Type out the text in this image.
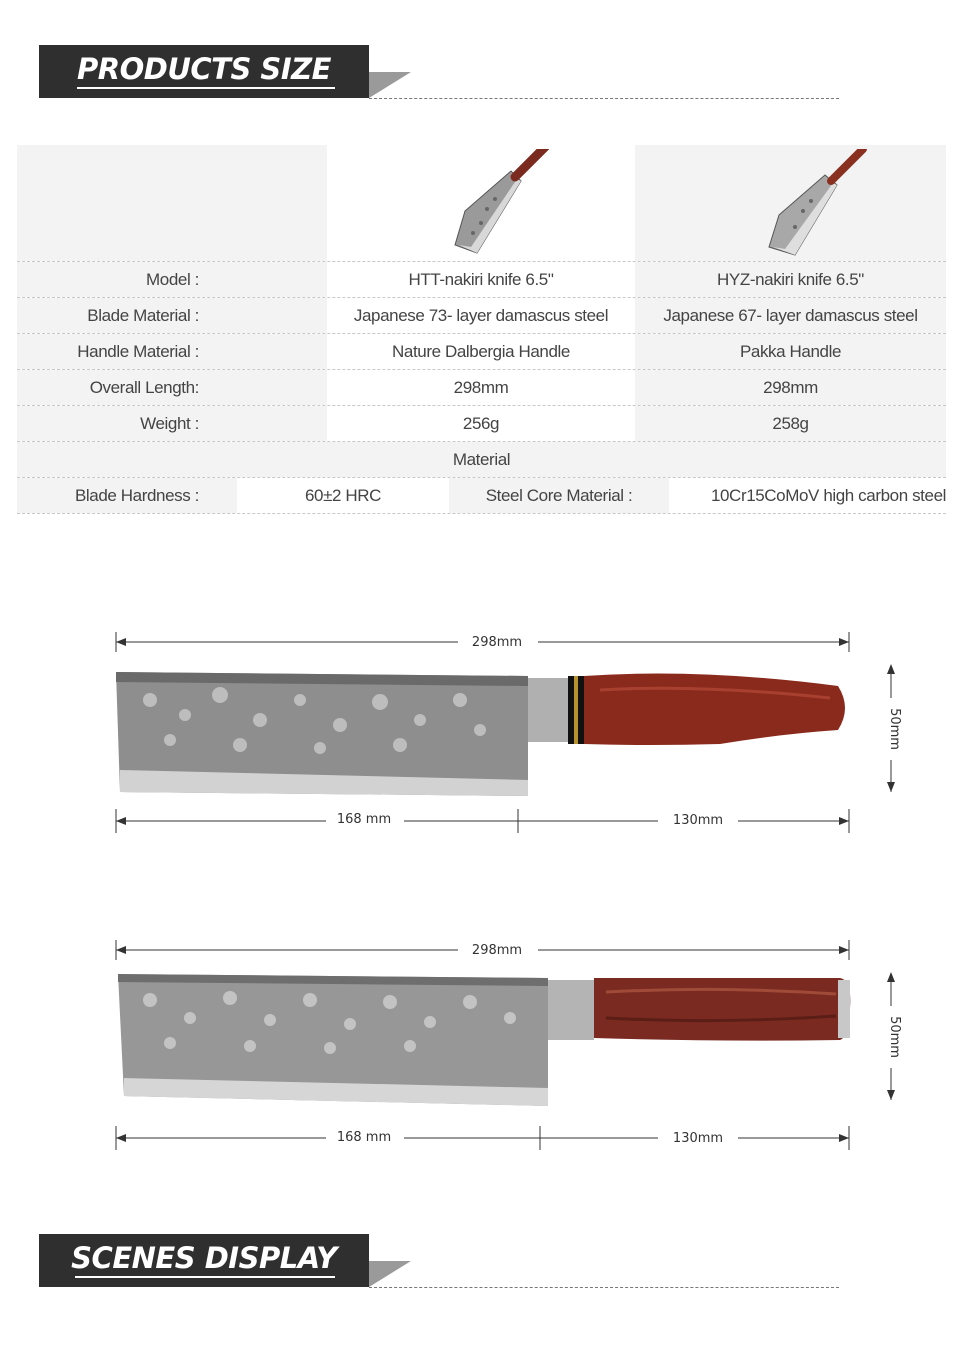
PRODUCTS SIZE
Model :	HTT-nakiri knife 6.5"	HYZ-nakiri knife 6.5"
Blade Material :	Japanese 73- layer damascus steel	Japanese 67- layer damascus steel
Handle Material :	Nature Dalbergia Handle	Pakka Handle
Overall Length:	298mm	298mm
Weight :	256g	258g
Material
Blade Hardness :	60±2 HRC	Steel Core Material :	10Cr15CoMoV high carbon steel
298mm
168 mm	130mm
50mm
298mm
168 mm	130mm
50mm
SCENES DISPLAY
